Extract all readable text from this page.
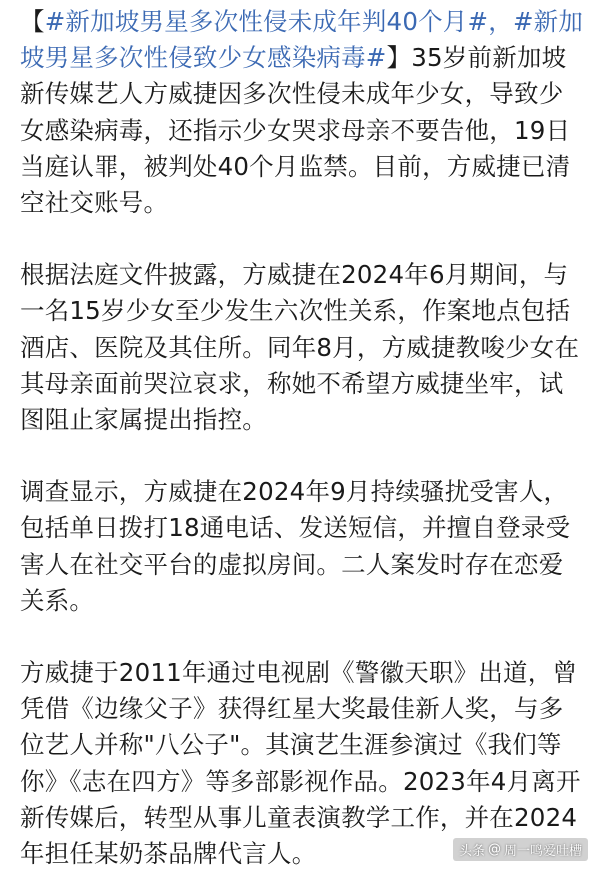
【#新加坡男星多次性侵未成年判40个月#，#新加坡男星多次性侵致少女感染病毒#】35岁前新加坡新传媒艺人方威捷因多次性侵未成年少女，导致少女感染病毒，还指示少女哭求母亲不要告他，19日当庭认罪，被判处40个月监禁。目前，方威捷已清空社交账号。

根据法庭文件披露，方威捷在2024年6月期间，与一名15岁少女至少发生六次性关系，作案地点包括酒店、医院及其住所。同年8月，方威捷教唆少女在其母亲面前哭泣哀求，称她不希望方威捷坐牢，试图阻止家属提出指控。

调查显示，方威捷在2024年9月持续骚扰受害人，包括单日拨打18通电话、发送短信，并擅自登录受害人在社交平台的虚拟房间。二人案发时存在恋爱关系。

方威捷于2011年通过电视剧《警徽天职》出道，曾凭借《边缘父子》获得红星大奖最佳新人奖，与多位艺人并称"八公子"。其演艺生涯参演过《我们等你》《志在四方》等多部影视作品。2023年4月离开新传媒后，转型从事儿童表演教学工作，并在2024年担任某奶茶品牌代言人。	头条 @ 周一鸣爱吐槽
